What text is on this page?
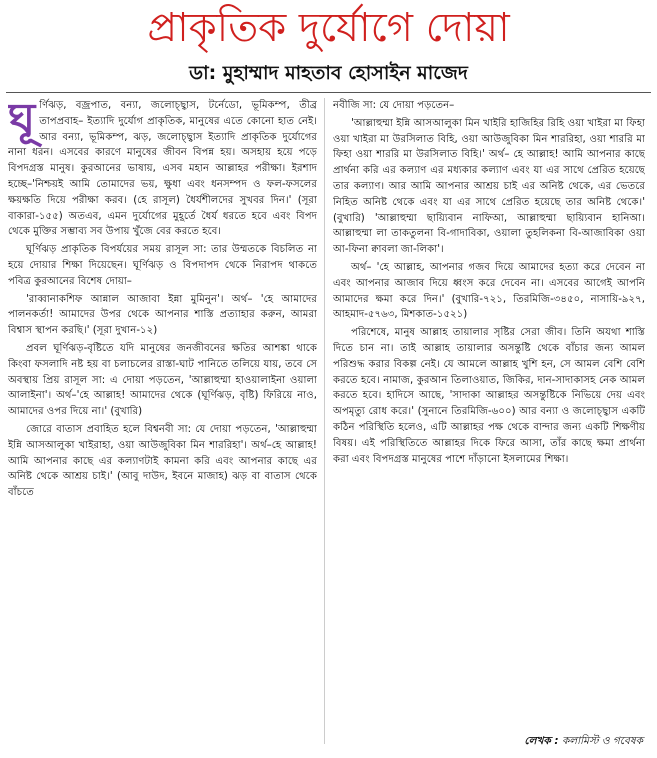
প্রাকৃতিক দুর্যোগে দোয়া
ডা: মুহাম্মাদ মাহতাব হোসাইন মাজেদ

ঘূর্ণিঝড়, বজ্রপাত, বন্যা, জলোচ্ছ্বাস, টর্নেডো, ভূমিকম্প, তীব্র তাপপ্রবাহ– ইত্যাদি দুর্যোগ প্রাকৃতিক, মানুষের এতে কোনো হাত নেই। আর বন্যা, ভূমিকম্প, ঝড়, জলোচ্ছ্বাস ইত্যাদি প্রাকৃতিক দুর্যোগের নানা ধরন। এসবের কারণে মানুষের জীবন বিপন্ন হয়। অসহায় হয়ে পড়ে বিপদগ্রস্ত মানুষ। কুরআনের ভাষায়, এসব মহান আল্লাহর পরীক্ষা। ইরশাদ হচ্ছে–'নিশ্চয়ই আমি তোমাদের ভয়, ক্ষুধা এবং ধনসম্পদ ও ফল-ফসলের ক্ষয়ক্ষতি দিয়ে পরীক্ষা করব। (হে রাসূল) ধৈর্যশীলদের সুখবর দিন।' (সূরা বাকারা-১৫৫) অতএব, এমন দুর্যোগের মুহূর্তে ধৈর্য ধরতে হবে এবং বিপদ থেকে মুক্তির সম্ভাব্য সব উপায় খুঁজে বের করতে হবে।

ঘূর্ণিঝড় প্রাকৃতিক বিপর্যয়ের সময় রাসূল সা: তার উম্মতকে বিচলিত না হয়ে দোয়ার শিক্ষা দিয়েছেন। ঘূর্ণিঝড় ও বিপদাপদ থেকে নিরাপদ থাকতে পবিত্র কুরআনের বিশেষ দোয়া–

'রাব্বানাকশিফ আন্নাল আজাবা ইন্না মুমিনুন'। অর্থ– 'হে আমাদের পালনকর্তা! আমাদের উপর থেকে আপনার শাস্তি প্রত্যাহার করুন, আমরা বিশ্বাস স্থাপন করছি।' (সূরা দুখান-১২)

প্রবল ঘূর্ণিঝড়-বৃষ্টিতে যদি মানুষের জনজীবনের ক্ষতির আশঙ্কা থাকে কিংবা ফসলাদি নষ্ট হয় বা চলাচলের রাস্তা-ঘাট পানিতে তলিয়ে যায়, তবে সে অবস্থায় প্রিয় রাসূল সা: এ দোয়া পড়তেন, 'আল্লাহুম্মা হাওয়ালাইনা ওয়ালা আলাইনা'। অর্থ–'হে আল্লাহ! আমাদের থেকে (ঘূর্ণিঝড়, বৃষ্টি) ফিরিয়ে নাও, আমাদের ওপর দিয়ে না।' (বুখারি)

জোরে বাতাস প্রবাহিত হলে বিশ্বনবী সা: যে দোয়া পড়তেন, 'আল্লাহুম্মা ইন্নি আসআলুকা খাইরাহা, ওয়া আউজুবিকা মিন শাররিহা'। অর্থ–হে আল্লাহ! আমি আপনার কাছে এর কল্যাণটাই কামনা করি এবং আপনার কাছে এর অনিষ্ট থেকে আশ্রয় চাই।' (আবু দাউদ, ইবনে মাজাহ) ঝড় বা বাতাস থেকে বাঁচতে

নবীজি সা: যে দোয়া পড়তেন–

'আল্লাহুম্মা ইন্নি আসআলুকা মিন খাইরি হাজিহির রিহি ওয়া খাইরা মা ফিহা ওয়া খাইরা মা উরসিলাত বিহি, ওয়া আউজুবিকা মিন শাররিহা, ওয়া শাররি মা ফিহা ওয়া শাররি মা উরসিলাত বিহি।' অর্থ– হে আল্লাহ! আমি আপনার কাছে প্রার্থনা করি এর কল্যাণ এর মধ্যকার কল্যাণ এবং যা এর সাথে প্রেরিত হয়েছে তার কল্যাণ। আর আমি আপনার আশ্রয় চাই এর অনিষ্ট থেকে, এর ভেতরে নিহিত অনিষ্ট থেকে এবং যা এর সাথে প্রেরিত হয়েছে তার অনিষ্ট থেকে।' (বুখারি) 'আল্লাহুম্মা ছায়্যিবান নাফিআ, আল্লাহুম্মা ছায়্যিবান হানিআ। আল্লাহুম্মা লা তাকতুলনা বি-গাদাবিকা, ওয়ালা তুহলিকনা বি-আজাবিকা ওয়া আ-ফিনা ক্বাবলা জা-লিকা'।

অর্থ– 'হে আল্লাহ, আপনার গজব দিয়ে আমাদের হত্যা করে দেবেন না এবং আপনার আজাব দিয়ে ধ্বংস করে দেবেন না। এসবের আগেই আপনি আমাদের ক্ষমা করে দিন।' (বুখারি-৭২১, তিরমিজি-৩৪৫০, নাসায়ি-৯২৭, আহমাদ-৫৭৬৩, মিশকাত-১৫২১)

পরিশেষে, মানুষ আল্লাহ তায়ালার সৃষ্টির সেরা জীব। তিনি অযথা শাস্তি দিতে চান না। তাই আল্লাহ তায়ালার অসন্তুষ্টি থেকে বাঁচার জন্য আমল পরিশুদ্ধ করার বিকল্প নেই। যে আমলে আল্লাহ খুশি হন, সে আমল বেশি বেশি করতে হবে। নামাজ, কুরআন তিলাওয়াত, জিকির, দান-সাদাকাসহ নেক আমল করতে হবে। হাদিসে আছে, 'সাদাকা আল্লাহর অসন্তুষ্টিকে নিভিয়ে দেয় এবং অপমৃত্যু রোধ করে।' (সুনানে তিরমিজি-৬০০) আর বন্যা ও জলোচ্ছ্বাস একটি কঠিন পরিস্থিতি হলেও, এটি আল্লাহর পক্ষ থেকে বান্দার জন্য একটি শিক্ষণীয় বিষয়। এই পরিস্থিতিতে আল্লাহর দিকে ফিরে আসা, তাঁর কাছে ক্ষমা প্রার্থনা করা এবং বিপদগ্রস্ত মানুষের পাশে দাঁড়ানো ইসলামের শিক্ষা।

লেখক : কলামিস্ট ও গবেষক
